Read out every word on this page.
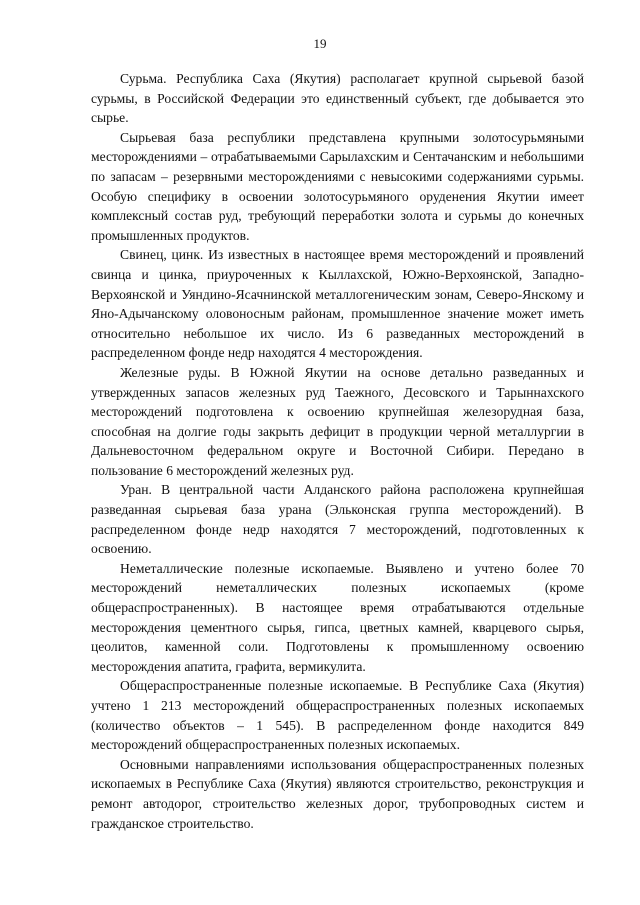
19

Сурьма. Республика Саха (Якутия) располагает крупной сырьевой базой сурьмы, в Российской Федерации это единственный субъект, где добывается это сырье.

Сырьевая база республики представлена крупными золотосурьмяными месторождениями – отрабатываемыми Сарылахским и Сентачанским и небольшими по запасам – резервными месторождениями с невысокими содержаниями сурьмы. Особую специфику в освоении золотосурьмяного оруденения Якутии имеет комплексный состав руд, требующий переработки золота и сурьмы до конечных промышленных продуктов.

Свинец, цинк. Из известных в настоящее время месторождений и проявлений свинца и цинка, приуроченных к Кыллахской, Южно-Верхоянской, Западно-Верхоянской и Уяндино-Ясачнинской металлогеническим зонам, Северо-Янскому и Яно-Адычанскому оловоносным районам, промышленное значение может иметь относительно небольшое их число. Из 6 разведанных месторождений в распределенном фонде недр находятся 4 месторождения.

Железные руды. В Южной Якутии на основе детально разведанных и утвержденных запасов железных руд Таежного, Десовского и Тарыннахского месторождений подготовлена к освоению крупнейшая железорудная база, способная на долгие годы закрыть дефицит в продукции черной металлургии в Дальневосточном федеральном округе и Восточной Сибири. Передано в пользование 6 месторождений железных руд.

Уран. В центральной части Алданского района расположена крупнейшая разведанная сырьевая база урана (Эльконская группа месторождений). В распределенном фонде недр находятся 7 месторождений, подготовленных к освоению.

Неметаллические полезные ископаемые. Выявлено и учтено более 70 месторождений неметаллических полезных ископаемых (кроме общераспространенных). В настоящее время отрабатываются отдельные месторождения цементного сырья, гипса, цветных камней, кварцевого сырья, цеолитов, каменной соли. Подготовлены к промышленному освоению месторождения апатита, графита, вермикулита.

Общераспространенные полезные ископаемые. В Республике Саха (Якутия) учтено 1 213 месторождений общераспространенных полезных ископаемых (количество объектов – 1 545). В распределенном фонде находится 849 месторождений общераспространенных полезных ископаемых.

Основными направлениями использования общераспространенных полезных ископаемых в Республике Саха (Якутия) являются строительство, реконструкция и ремонт автодорог, строительство железных дорог, трубопроводных систем и гражданское строительство.
